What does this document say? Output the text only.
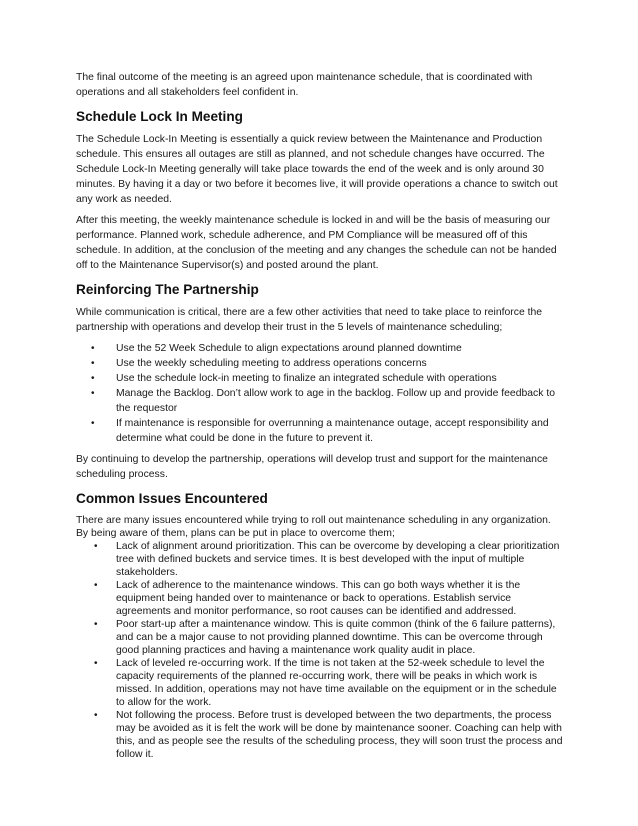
The final outcome of the meeting is an agreed upon maintenance schedule, that is coordinated with operations and all stakeholders feel confident in.

Schedule Lock In Meeting

The Schedule Lock-In Meeting is essentially a quick review between the Maintenance and Production schedule. This ensures all outages are still as planned, and not schedule changes have occurred. The Schedule Lock-In Meeting generally will take place towards the end of the week and is only around 30 minutes. By having it a day or two before it becomes live, it will provide operations a chance to switch out any work as needed.

After this meeting, the weekly maintenance schedule is locked in and will be the basis of measuring our performance. Planned work, schedule adherence, and PM Compliance will be measured off of this schedule. In addition, at the conclusion of the meeting and any changes the schedule can not be handed off to the Maintenance Supervisor(s) and posted around the plant.

Reinforcing The Partnership

While communication is critical, there are a few other activities that need to take place to reinforce the partnership with operations and develop their trust in the 5 levels of maintenance scheduling;

• Use the 52 Week Schedule to align expectations around planned downtime
• Use the weekly scheduling meeting to address operations concerns
• Use the schedule lock-in meeting to finalize an integrated schedule with operations
• Manage the Backlog. Don’t allow work to age in the backlog. Follow up and provide feedback to the requestor
• If maintenance is responsible for overrunning a maintenance outage, accept responsibility and determine what could be done in the future to prevent it.

By continuing to develop the partnership, operations will develop trust and support for the maintenance scheduling process.

Common Issues Encountered

There are many issues encountered while trying to roll out maintenance scheduling in any organization. By being aware of them, plans can be put in place to overcome them;

• Lack of alignment around prioritization. This can be overcome by developing a clear prioritization tree with defined buckets and service times. It is best developed with the input of multiple stakeholders.
• Lack of adherence to the maintenance windows. This can go both ways whether it is the equipment being handed over to maintenance or back to operations. Establish service agreements and monitor performance, so root causes can be identified and addressed.
• Poor start-up after a maintenance window. This is quite common (think of the 6 failure patterns), and can be a major cause to not providing planned downtime. This can be overcome through good planning practices and having a maintenance work quality audit in place.
• Lack of leveled re-occurring work. If the time is not taken at the 52-week schedule to level the capacity requirements of the planned re-occurring work, there will be peaks in which work is missed. In addition, operations may not have time available on the equipment or in the schedule to allow for the work.
• Not following the process. Before trust is developed between the two departments, the process may be avoided as it is felt the work will be done by maintenance sooner. Coaching can help with this, and as people see the results of the scheduling process, they will soon trust the process and follow it.
